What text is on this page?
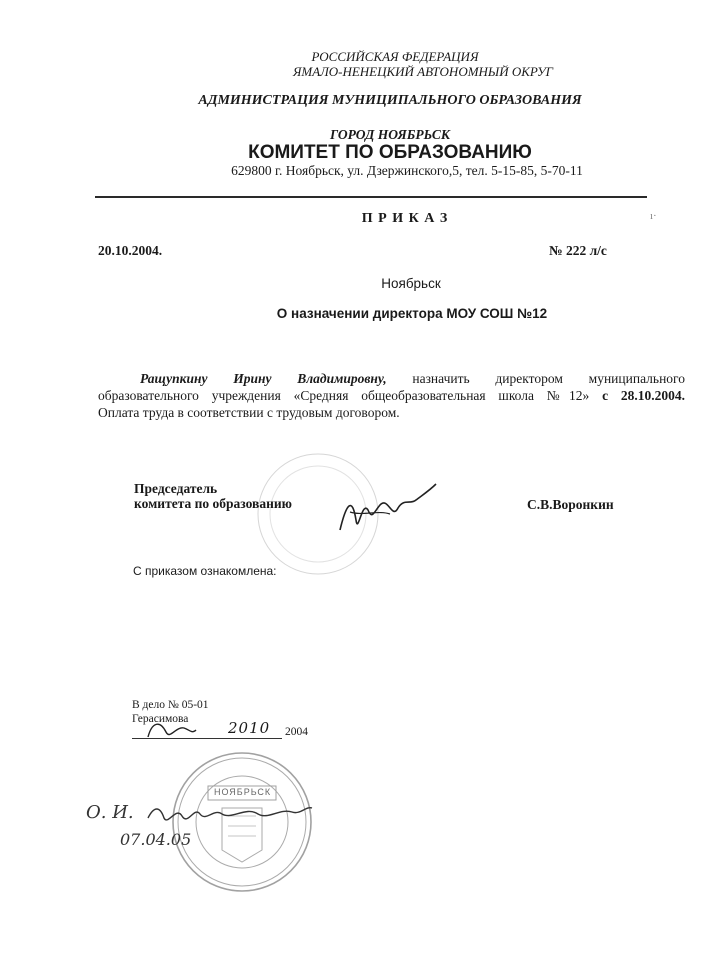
РОССИЙСКАЯ ФЕДЕРАЦИЯ
ЯМАЛО-НЕНЕЦКИЙ АВТОНОМНЫЙ ОКРУГ
АДМИНИСТРАЦИЯ МУНИЦИПАЛЬНОГО ОБРАЗОВАНИЯ
ГОРОД НОЯБРЬСК
КОМИТЕТ ПО ОБРАЗОВАНИЮ
629800 г. Ноябрьск, ул. Дзержинского,5, тел. 5-15-85, 5-70-11
ı·
П Р И К А З
20.10.2004.	№ 222 л/с
Ноябрьск
О назначении директора МОУ СОШ №12
Ращупкину Ирину Владимировну, назначить директором муниципального
образовательного учреждения «Средняя общеобразовательная школа №12» с 28.10.2004.
Оплата труда в соответствии с трудовым договором.
Председатель
комитета по образованию	С.В.Воронкин
С приказом ознакомлена:
В дело № 05-01
Герасимова	2010 2004
НОЯБРЬСК
О. И.
07.04.05
